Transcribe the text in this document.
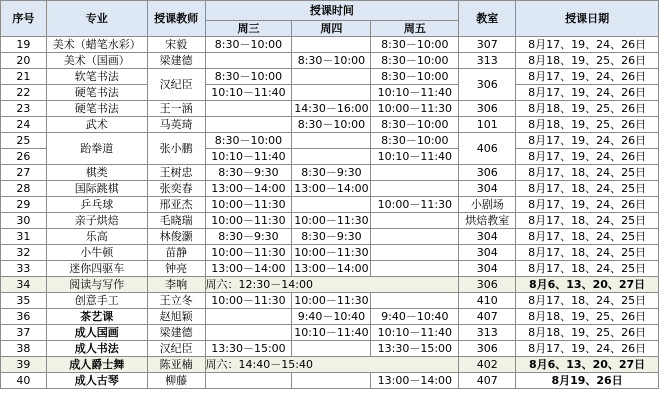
序号	专业	授课教师	授课时间			教室	授课日期
			周三	周四	周五		
19	美术（蜡笔水彩）	宋毅	8:30－10:00		8:30－10:00	307	8月17、19、24、26日
20	美术（国画）	梁建德		8:30－10:00	8:30－10:00	313	8月18、19、25、26日
21	软笔书法	汉纪臣	8:30－10:00		8:30－10:00	306	8月17、19、24、26日
22	硬笔书法		10:10－11:40		10:10－11:40		8月17、19、24、26日
23	硬笔书法	王一涵		14:30－16:00	10:00－11:30	306	8月18、19、25、26日
24	武术	马英琦		8:30－10:00	8:30－10:00	101	8月18、19、25、26日
25	跆拳道	张小鹏	8:30－10:00		8:30－10:00	406	8月17、19、24、26日
26			10:10－11:40		10:10－11:40		8月17、19、24、26日
27	棋类	王树忠	8:30－9:30	8:30－9:30		306	8月17、18、24、25日
28	国际跳棋	张奕春	13:00－14:00	13:00－14:00		304	8月17、18、24、25日
29	乒乓球	邢亚杰	10:00－11:30		10:00－11:30	小剧场	8月17、19、24、26日
30	亲子烘焙	毛晓瑞	10:00－11:30	10:00－11:30		烘焙教室	8月17、18、24、25日
31	乐高	林俊灏	8:30－9:30	8:30－9:30		304	8月17、18、24、25日
32	小牛顿	苗静	10:00－11:30	10:00－11:30		304	8月17、18、24、25日
33	迷你四驱车	钟亮	13:00－14:00	13:00－14:00		304	8月17、18、24、25日
34	阅读与写作	李响	周六：12:30－14:00			306	8月6、13、20、27日
35	创意手工	王立冬	10:00－11:30	10:00－11:30		410	8月17、18、24、25日
36	茶艺课	赵旭颖		9:40－10:40	9:40－10:40	407	8月18、19、25、26日
37	成人国画	梁建德		10:10－11:40	10:10－11:40	313	8月18、19、25、26日
38	成人书法	汉纪臣	13:30－15:00		13:30－15:00	306	8月17、19、24、26日
39	成人爵士舞	陈亚楠	周六：14:40－15:40			402	8月6、13、20、27日
40	成人古琴	柳藤			13:00－14:00	407	8月19、26日
